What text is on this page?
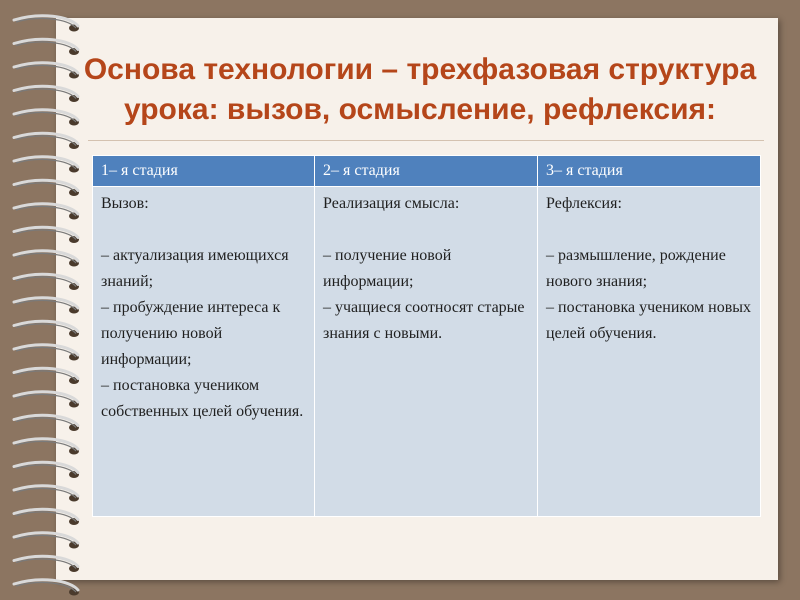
Основа технологии – трехфазовая структура
урока: вызов, осмысление, рефлексия:
1– я стадия	2– я стадия	3– я стадия

Вызов:

– актуализация имеющихся знаний;
– пробуждение интереса к получению новой информации;
– постановка учеником собственных целей обучения.	Реализация смысла:

– получение новой информации;
– учащиеся соотносят старые знания с новыми.	Рефлексия:

– размышление, рождение нового знания;
– постановка учеником новых целей обучения.
